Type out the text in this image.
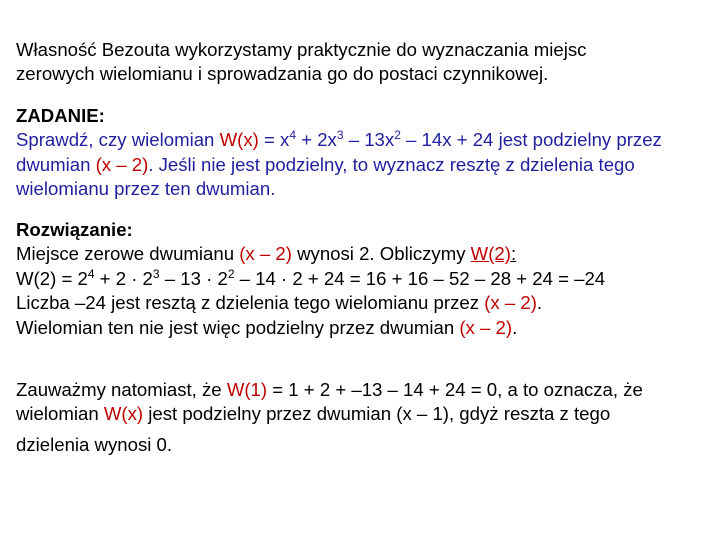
Własność Bezouta wykorzystamy praktycznie do wyznaczania miejsc
zerowych wielomianu i sprowadzania go do postaci czynnikowej.
ZADANIE:
Sprawdź, czy wielomian $W(x) = x^4 + 2x^3 - 13x^2 - 14x + 24$ jest podzielny przez
dwumian (x – 2). Jeśli nie jest podzielny, to wyznacz resztę z dzielenia tego
wielomianu przez ten dwumian.
Rozwiązanie:
Miejsce zerowe dwumianu (x – 2) wynosi 2. Obliczymy W(2):
$W(2) = 2^4 + 2 \cdot 2^3 - 13 \cdot 2^2 - 14 \cdot 2 + 24 = 16 + 16 - 52 - 28 + 24 = -24$
Liczba –24 jest resztą z dzielenia tego wielomianu przez (x – 2).
Wielomian ten nie jest więc podzielny przez dwumian (x – 2).
Zauważmy natomiast, że W(1) = 1 + 2 + –13 – 14 + 24 = 0, a to oznacza, że
wielomian W(x) jest podzielny przez dwumian (x – 1), gdyż reszta z tego
dzielenia wynosi 0.
